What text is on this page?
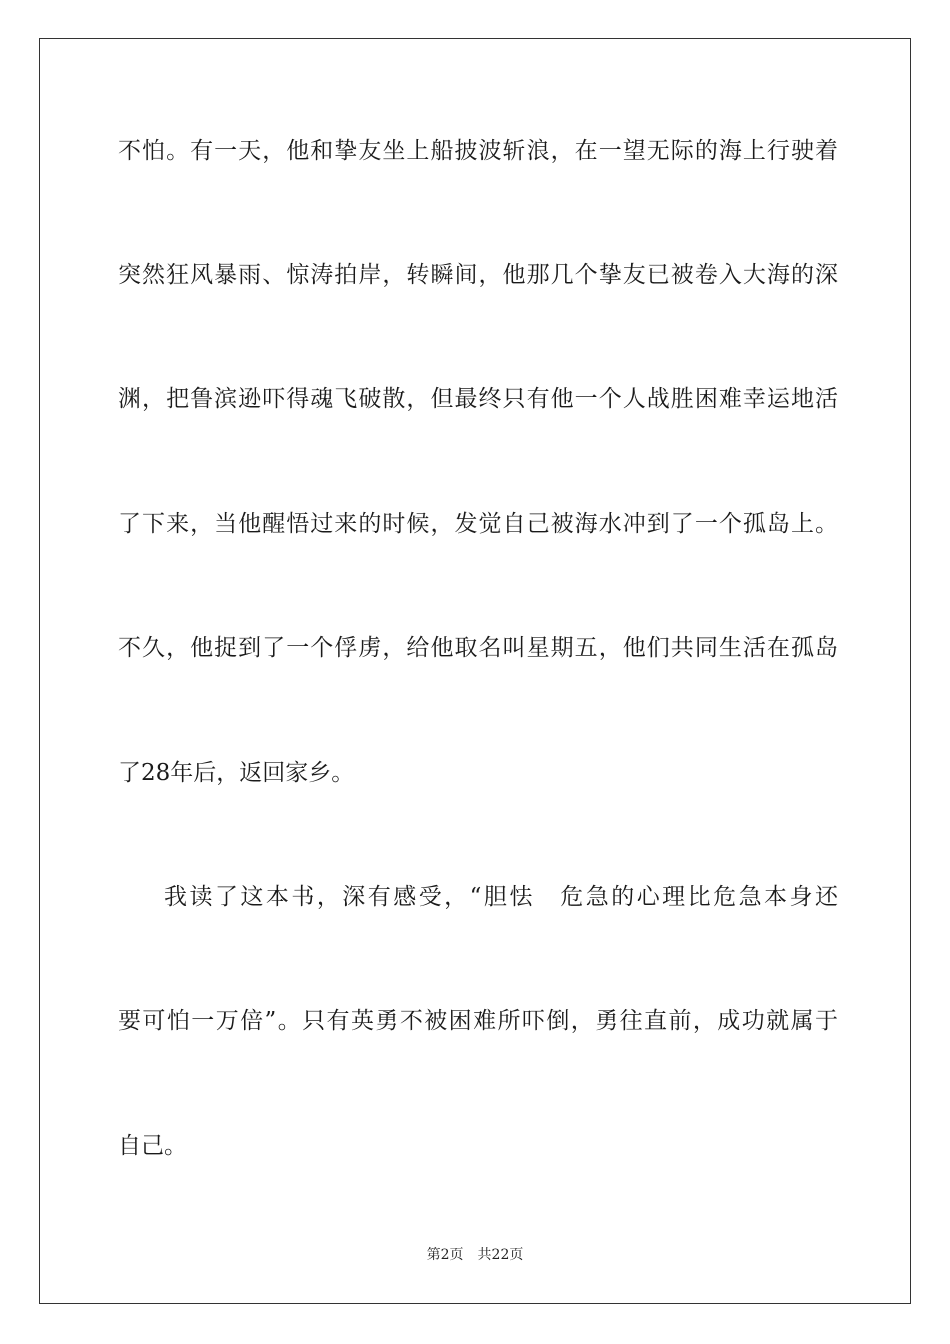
不怕。有一天，他和挚友坐上船披波斩浪，在一望无际的海上行驶着
突然狂风暴雨、惊涛拍岸，转瞬间，他那几个挚友已被卷入大海的深
渊，把鲁滨逊吓得魂飞破散，但最终只有他一个人战胜困难幸运地活
了下来，当他醒悟过来的时候，发觉自己被海水冲到了一个孤岛上。
不久，他捉到了一个俘虏，给他取名叫星期五，他们共同生活在孤岛
了28年后，返回家乡。
我读了这本书，深有感受，“胆怯　危急的心理比危急本身还
要可怕一万倍”。只有英勇不被困难所吓倒，勇往直前，成功就属于
自己。
第2页　共22页
